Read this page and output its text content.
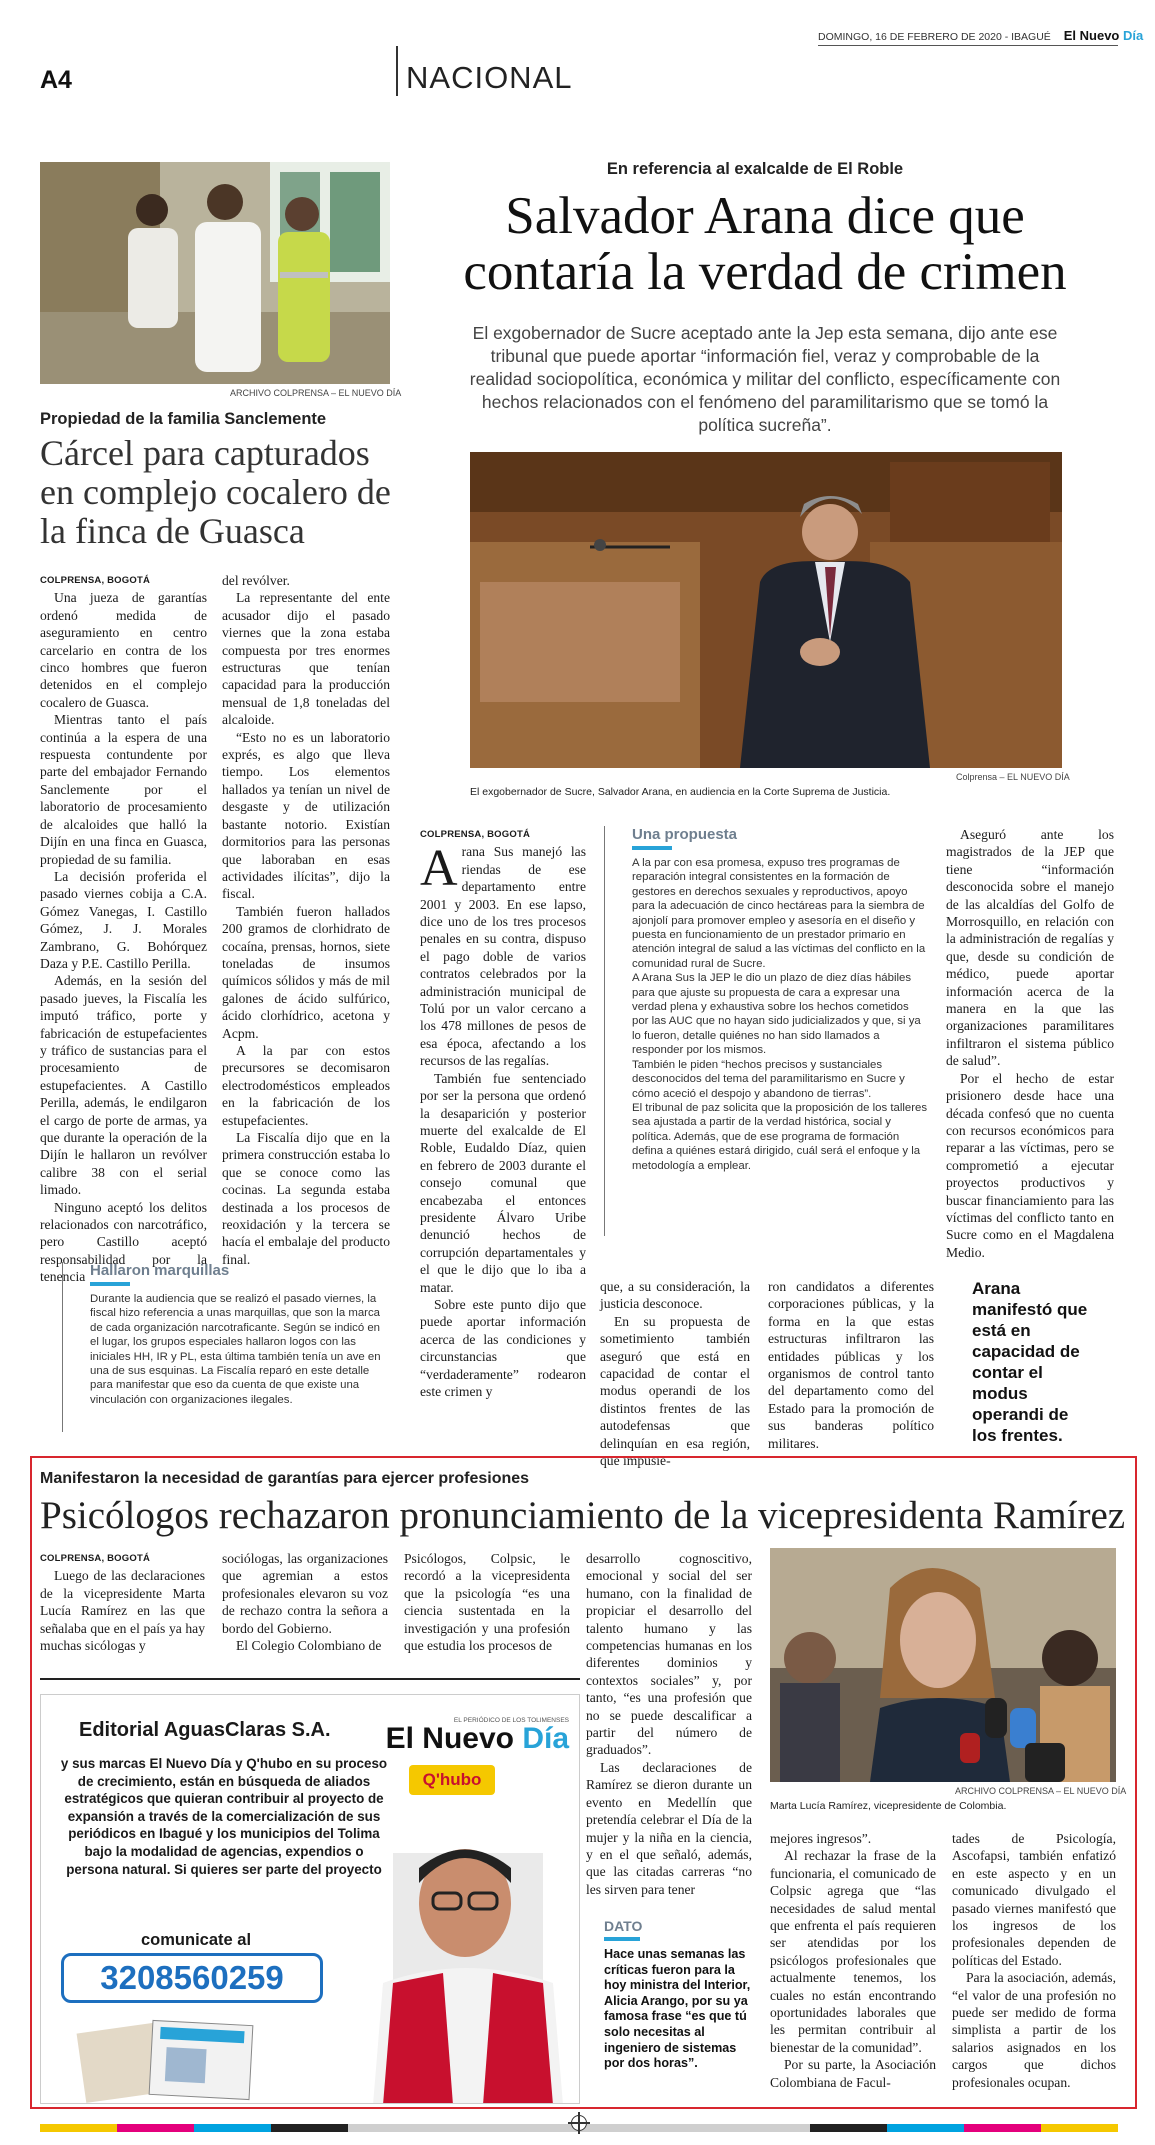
A4	NACIONAL
DOMINGO, 16 DE FEBRERO DE 2020 - IBAGUÉ El Nuevo Día
ARCHIVO COLPRENSA – EL NUEVO DÍA
Propiedad de la familia Sanclemente
Cárcel para capturados en complejo cocalero de la finca de Guasca

COLPRENSA, BOGOTÁ

Una jueza de garantías ordenó medida de aseguramiento en centro carcelario en contra de los cinco hombres que fueron detenidos en el complejo cocalero de Guasca.

Mientras tanto el país continúa a la espera de una respuesta contundente por parte del embajador Fernando Sanclemente por el laboratorio de procesamiento de alcaloides que halló la Dijín en una finca en Guasca, propiedad de su familia.

La decisión proferida el pasado viernes cobija a C.A. Gómez Vanegas, I. Castillo Gómez, J. J. Morales Zambrano, G. Bohórquez Daza y P.E. Castillo Perilla.

Además, en la sesión del pasado jueves, la Fiscalía les imputó tráfico, porte y fabricación de estupefacientes y tráfico de sustancias para el procesamiento de estupefacientes. A Castillo Perilla, además, le endilgaron el cargo de porte de armas, ya que durante la operación de la Dijín le hallaron un revólver calibre 38 con el serial limado.

Ninguno aceptó los delitos relacionados con narcotráfico, pero Castillo aceptó responsabilidad por la tenencia

del revólver.

La representante del ente acusador dijo el pasado viernes que la zona estaba compuesta por tres enormes estructuras que tenían capacidad para la producción mensual de 1,8 toneladas del alcaloide.

“Esto no es un laboratorio exprés, es algo que lleva tiempo. Los elementos hallados ya tenían un nivel de desgaste y de utilización bastante notorio. Existían dormitorios para las personas que laboraban en esas actividades ilícitas”, dijo la fiscal.

También fueron hallados 200 gramos de clorhidrato de cocaína, prensas, hornos, siete toneladas de insumos químicos sólidos y más de mil galones de ácido sulfúrico, ácido clorhídrico, acetona y Acpm.

A la par con estos precursores se decomisaron electrodomésticos empleados en la fabricación de los estupefacientes.

La Fiscalía dijo que en la primera construcción estaba lo que se conoce como las cocinas. La segunda estaba destinada a los procesos de reoxidación y la tercera se hacía el embalaje del producto final.

Hallaron marquillas
Durante la audiencia que se realizó el pasado viernes, la fiscal hizo referencia a unas marquillas, que son la marca de cada organización narcotraficante. Según se indicó en el lugar, los grupos especiales hallaron logos con las iniciales HH, IR y PL, esta última también tenía un ave en una de sus esquinas. La Fiscalía reparó en este detalle para manifestar que eso da cuenta de que existe una vinculación con organizaciones ilegales.
En referencia al exalcalde de El Roble
Salvador Arana dice que contaría la verdad de crimen
El exgobernador de Sucre aceptado ante la Jep esta semana, dijo ante ese tribunal que puede aportar “información fiel, veraz y comprobable de la realidad sociopolítica, económica y militar del conflicto, específicamente con hechos relacionados con el fenómeno del paramilitarismo que se tomó la política sucreña”.
El exgobernador de Sucre, Salvador Arana, en audiencia en la Corte Suprema de Justicia.
Colprensa – EL NUEVO DÍA

COLPRENSA, BOGOTÁ

Arana Sus manejó las riendas de ese departamento entre 2001 y 2003. En ese lapso, dice uno de los tres procesos penales en su contra, dispuso el pago doble de varios contratos celebrados por la administración municipal de Tolú por un valor cercano a los 478 millones de pesos de esa época, afectando a los recursos de las regalías.

También fue sentenciado por ser la persona que ordenó la desaparición y posterior muerte del exalcalde de El Roble, Eudaldo Díaz, quien en febrero de 2003 durante el consejo comunal que encabezaba el entonces presidente Álvaro Uribe denunció hechos de corrupción departamentales y el que le dijo que lo iba a matar.

Sobre este punto dijo que puede aportar información acerca de las condiciones y circunstancias que “verdaderamente” rodearon este crimen y

Una propuesta

A la par con esa promesa, expuso tres programas de reparación integral consistentes en la formación de gestores en derechos sexuales y reproductivos, apoyo para la adecuación de cinco hectáreas para la siembra de ajonjolí para promover empleo y asesoría en el diseño y puesta en funcionamiento de un prestador primario en atención integral de salud a las víctimas del conflicto en la comunidad rural de Sucre.

A Arana Sus la JEP le dio un plazo de diez días hábiles para que ajuste su propuesta de cara a expresar una verdad plena y exhaustiva sobre los hechos cometidos por las AUC que no hayan sido judicializados y que, si ya lo fueron, detalle quiénes no han sido llamados a responder por los mismos.

También le piden “hechos precisos y sustanciales desconocidos del tema del paramilitarismo en Sucre y cómo aceció el despojo y abandono de tierras”.

El tribunal de paz solicita que la proposición de los talleres sea ajustada a partir de la verdad histórica, social y política. Además, que de ese programa de formación defina a quiénes estará dirigido, cuál será el enfoque y la metodología a emplear.

que, a su consideración, la justicia desconoce.

En su propuesta de sometimiento también aseguró que está en capacidad de contar el modus operandi de los distintos frentes de las autodefensas que delinquían en esa región, que impusie-

ron candidatos a diferentes corporaciones públicas, y la forma en la que estas estructuras infiltraron las entidades públicas y los organismos de control tanto del departamento como del Estado para la promoción de sus banderas político militares.

Aseguró ante los magistrados de la JEP que tiene “información desconocida sobre el manejo de las alcaldías del Golfo de Morrosquillo, en relación con la administración de regalías y que, desde su condición de médico, puede aportar información acerca de la manera en la que las organizaciones paramilitares infiltraron el sistema público de salud”.

Por el hecho de estar prisionero desde hace una década confesó que no cuenta con recursos económicos para reparar a las víctimas, pero se comprometió a ejecutar proyectos productivos y buscar financiamiento para las víctimas del conflicto tanto en Sucre como en el Magdalena Medio.

Arana manifestó que está en capacidad de contar el modus operandi de los frentes.
Manifestaron la necesidad de garantías para ejercer profesiones
Psicólogos rechazaron pronunciamiento de la vicepresidenta Ramírez

COLPRENSA, BOGOTÁ

Luego de las declaraciones de la vicepresidente Marta Lucía Ramírez en las que señalaba que en el país ya hay muchas sicólogas y

sociólogas, las organizaciones que agremian a estos profesionales elevaron su voz de rechazo contra la señora a bordo del Gobierno.

El Colegio Colombiano de

Psicólogos, Colpsic, le recordó a la vicepresidenta que la psicología “es una ciencia sustentada en la investigación y una profesión que estudia los procesos de

desarrollo cognoscitivo, emocional y social del ser humano, con la finalidad de propiciar el desarrollo del talento humano y las competencias humanas en los diferentes dominios y contextos sociales” y, por tanto, “es una profesión que no se puede descalificar a partir del número de graduados”.

Las declaraciones de Ramírez se dieron durante un evento en Medellín que pretendía celebrar el Día de la mujer y la niña en la ciencia, y en el que señaló, además, que las citadas carreras “no les sirven para tener

ARCHIVO COLPRENSA – EL NUEVO DÍA
Marta Lucía Ramírez, vicepresidente de Colombia.

mejores ingresos”.

Al rechazar la frase de la funcionaria, el comunicado de Colpsic agrega que “las necesidades de salud mental que enfrenta el país requieren ser atendidas por los psicólogos profesionales que actualmente tenemos, los cuales no están encontrando oportunidades laborales que les permitan contribuir al bienestar de la comunidad”.

Por su parte, la Asociación Colombiana de Facul-

tades de Psicología, Ascofapsi, también enfatizó en este aspecto y en un comunicado divulgado el pasado viernes manifestó que los ingresos de los profesionales dependen de políticas del Estado.

Para la asociación, además, “el valor de una profesión no puede ser medido de forma simplista a partir de los salarios asignados en los cargos que dichos profesionales ocupan.

DATO
Hace unas semanas las críticas fueron para la hoy ministra del Interior, Alicia Arango, por su ya famosa frase “es que tú solo necesitas al ingeniero de sistemas por dos horas”.
Editorial AguasClaras S.A.
y sus marcas El Nuevo Día y Q'hubo en su proceso de crecimiento, están en búsqueda de aliados estratégicos que quieran contribuir al proyecto de expansión a través de la comercialización de sus periódicos en Ibagué y los municipios del Tolima bajo la modalidad de agencias, expendios o persona natural. Si quieres ser parte del proyecto
EL PERIÓDICO DE LOS TOLIMENSES
El Nuevo Día
Q'hubo
comunicate al
3208560259
